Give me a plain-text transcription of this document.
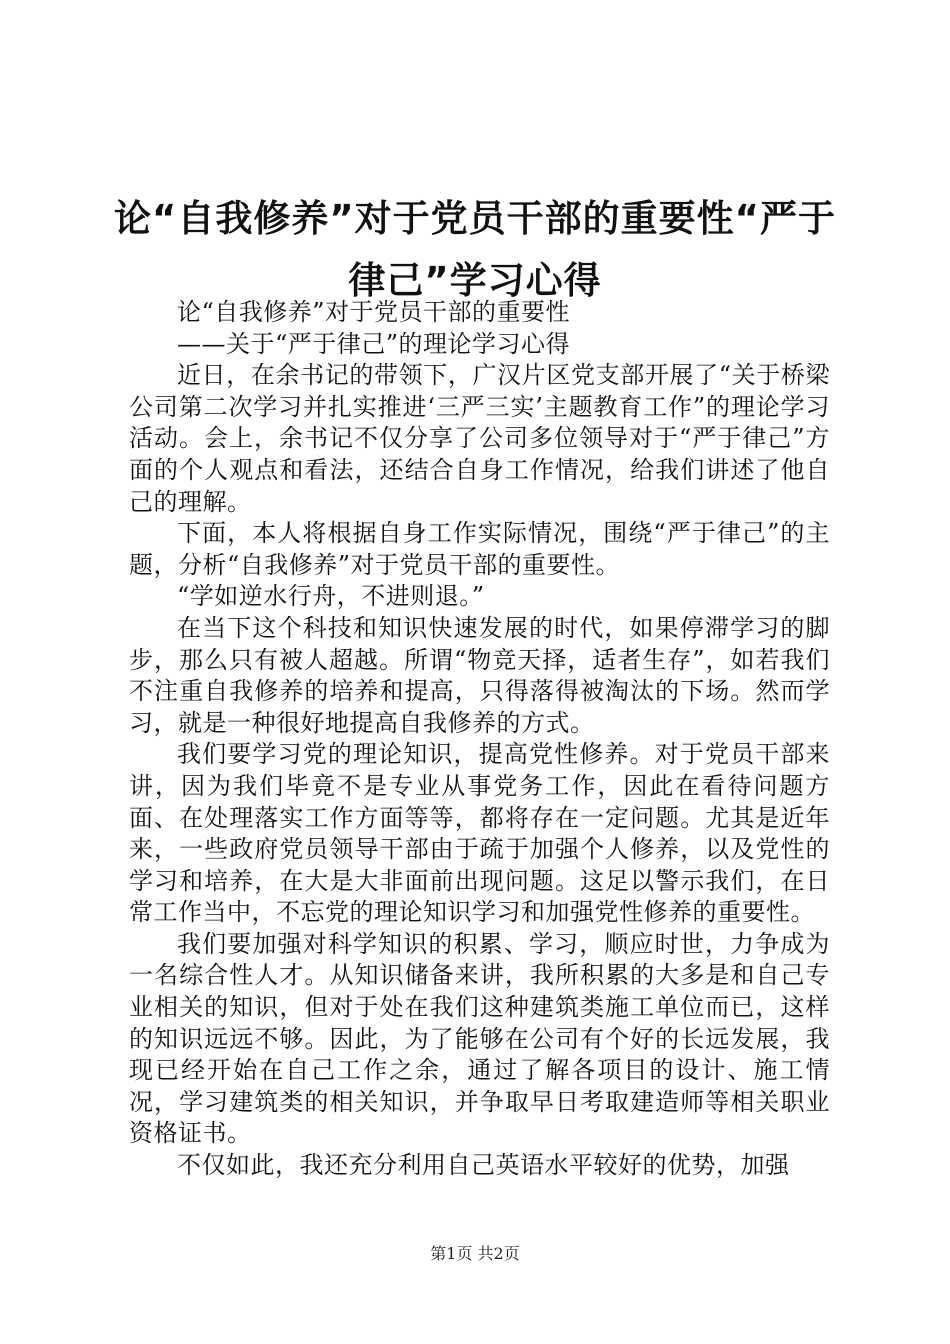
论“自我修养”对于党员干部的重要性“严于
律己”学习心得

论“自我修养”对于党员干部的重要性

——关于“严于律己”的理论学习心得

近日，在余书记的带领下，广汉片区党支部开展了“关于桥梁公司第二次学习并扎实推进‘三严三实’主题教育工作”的理论学习活动。会上，余书记不仅分享了公司多位领导对于“严于律己”方面的个人观点和看法，还结合自身工作情况，给我们讲述了他自己的理解。

下面，本人将根据自身工作实际情况，围绕“严于律己”的主题，分析“自我修养”对于党员干部的重要性。

“学如逆水行舟，不进则退。”

在当下这个科技和知识快速发展的时代，如果停滞学习的脚步，那么只有被人超越。所谓“物竞天择，适者生存”，如若我们不注重自我修养的培养和提高，只得落得被淘汰的下场。然而学习，就是一种很好地提高自我修养的方式。

我们要学习党的理论知识，提高党性修养。对于党员干部来讲，因为我们毕竟不是专业从事党务工作，因此在看待问题方面、在处理落实工作方面等等，都将存在一定问题。尤其是近年来，一些政府党员领导干部由于疏于加强个人修养，以及党性的学习和培养，在大是大非面前出现问题。这足以警示我们，在日常工作当中，不忘党的理论知识学习和加强党性修养的重要性。

我们要加强对科学知识的积累、学习，顺应时世，力争成为一名综合性人才。从知识储备来讲，我所积累的大多是和自己专业相关的知识，但对于处在我们这种建筑类施工单位而已，这样的知识远远不够。因此，为了能够在公司有个好的长远发展，我现已经开始在自己工作之余，通过了解各项目的设计、施工情况，学习建筑类的相关知识，并争取早日考取建造师等相关职业资格证书。

不仅如此，我还充分利用自己英语水平较好的优势，加强

第1页 共2页
